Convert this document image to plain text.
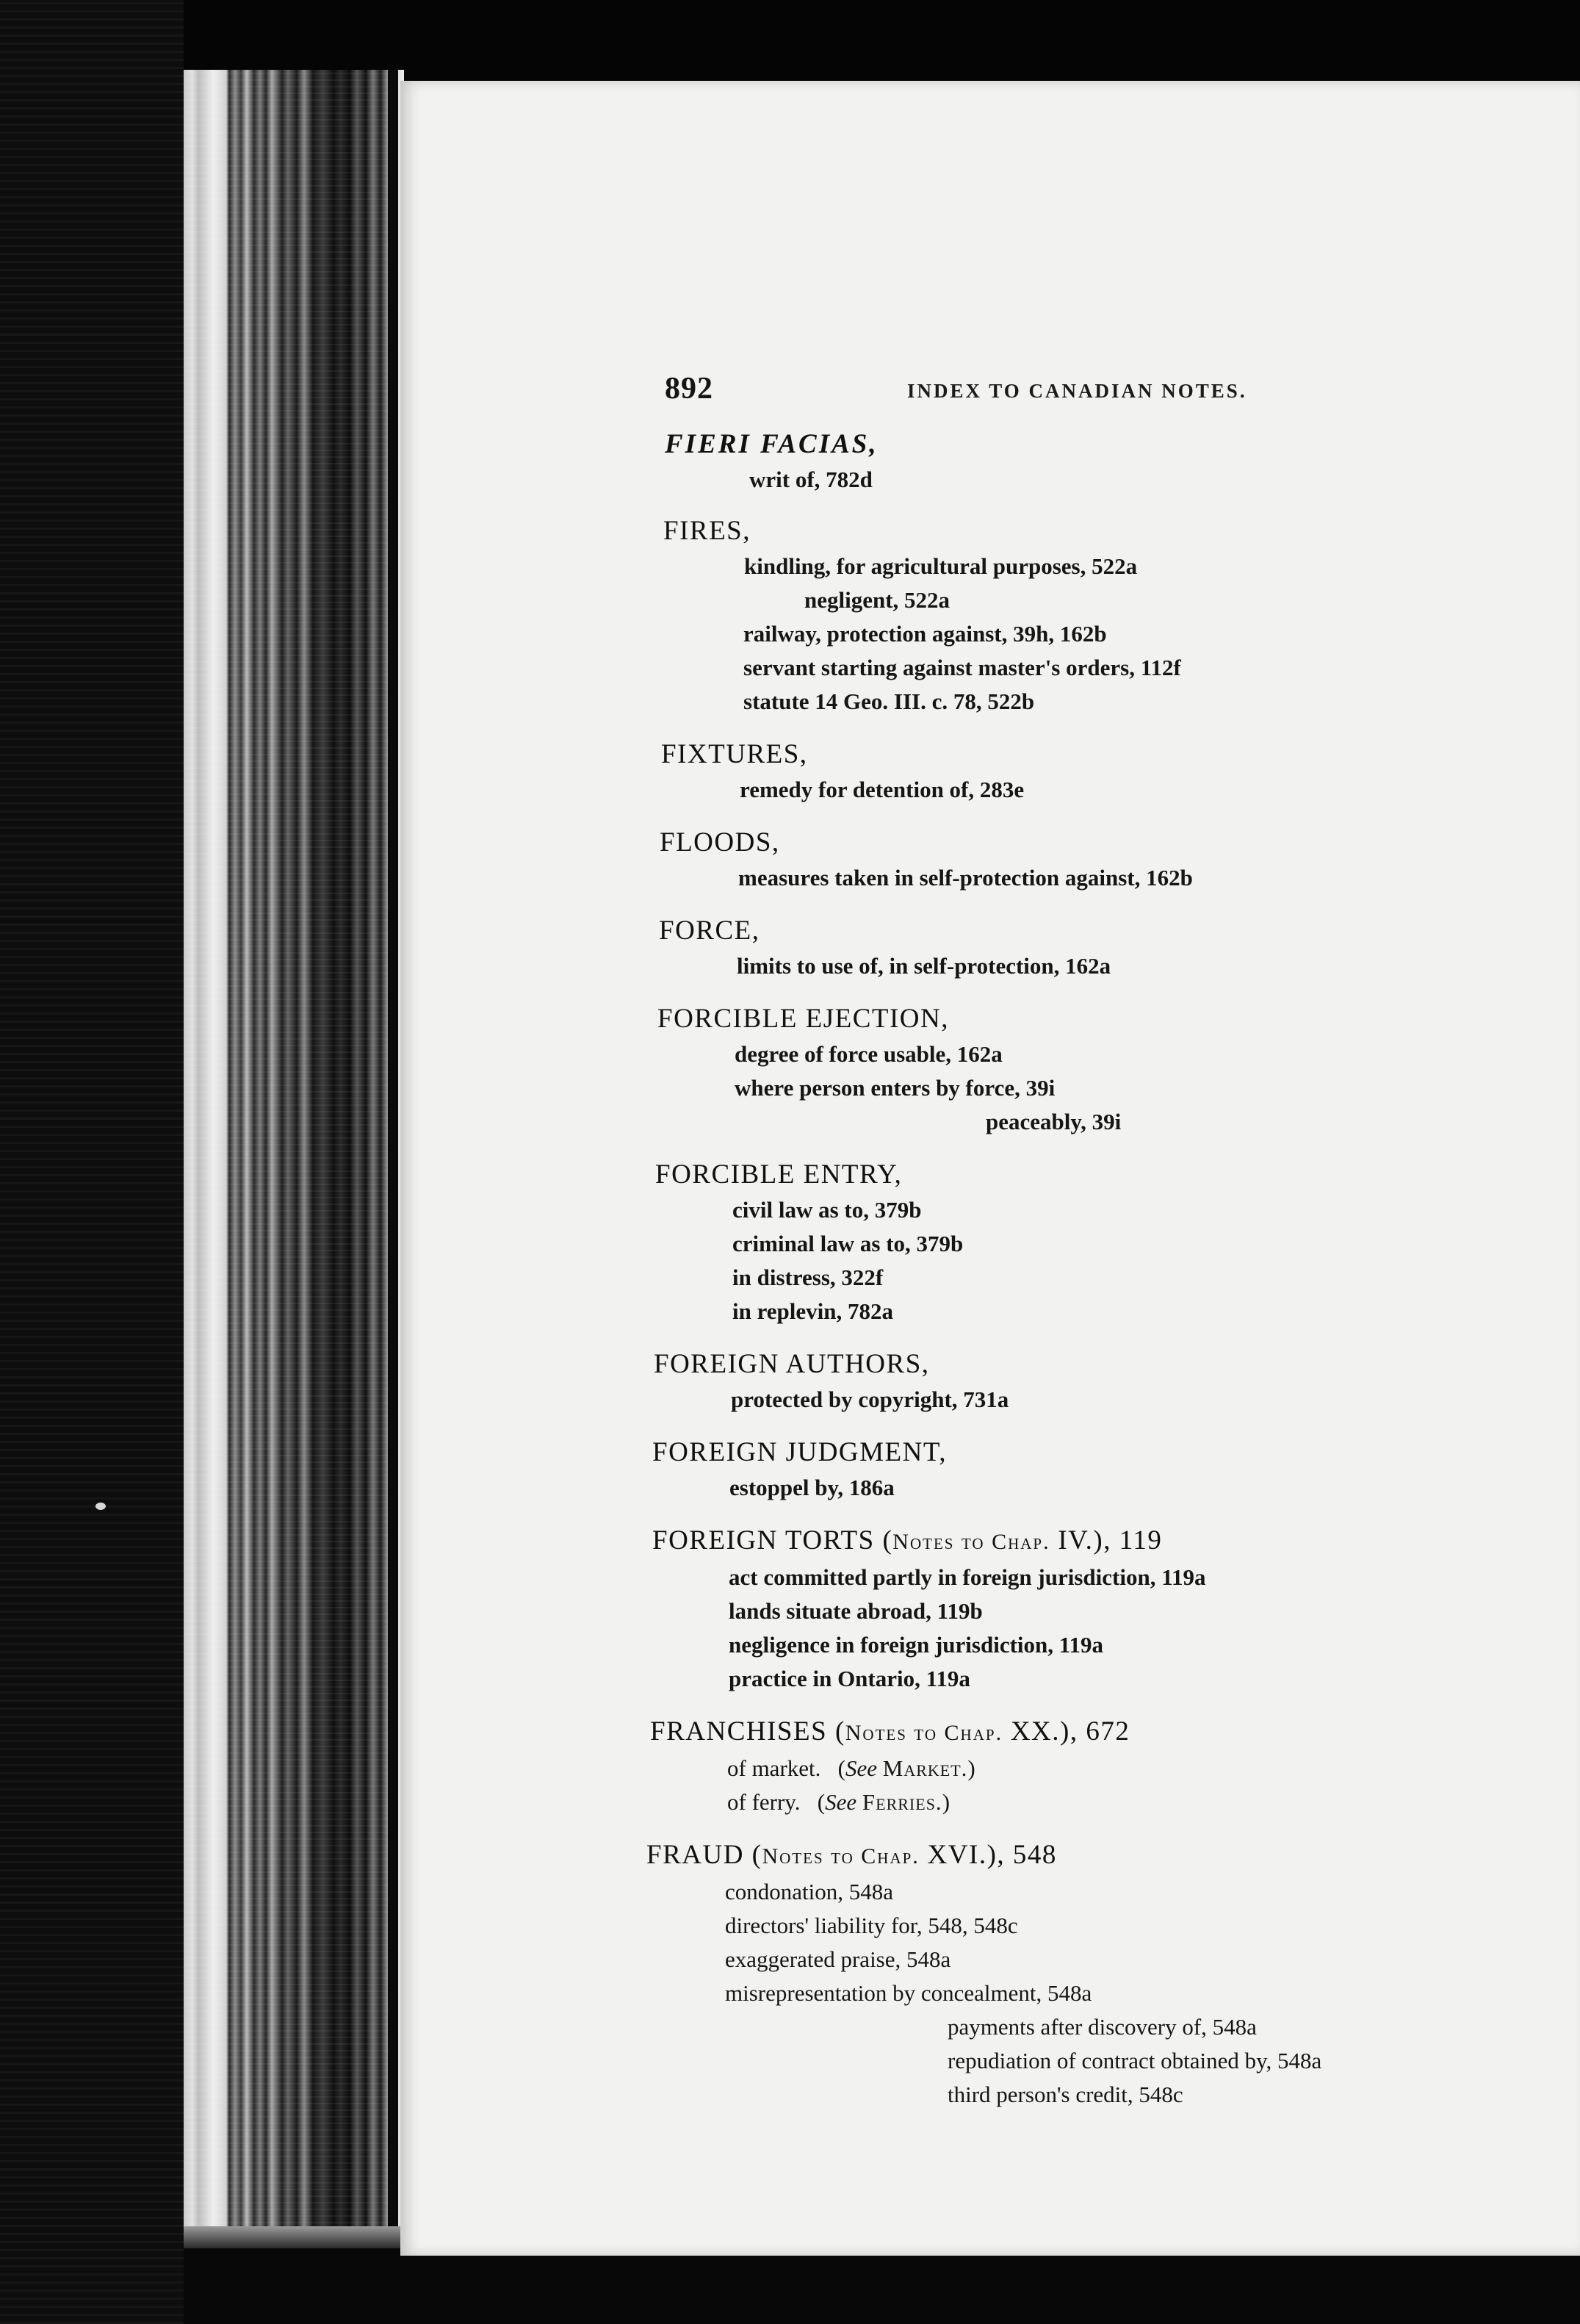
892	INDEX TO CANADIAN NOTES.
FIERI FACIAS,
writ of, 782d
FIRES,
kindling, for agricultural purposes, 522a
negligent, 522a
railway, protection against, 39h, 162b
servant starting against master's orders, 112f
statute 14 Geo. III. c. 78, 522b
FIXTURES,
remedy for detention of, 283e
FLOODS,
measures taken in self-protection against, 162b
FORCE,
limits to use of, in self-protection, 162a
FORCIBLE EJECTION,
degree of force usable, 162a
where person enters by force, 39i
peaceably, 39i
FORCIBLE ENTRY,
civil law as to, 379b
criminal law as to, 379b
in distress, 322f
in replevin, 782a
FOREIGN AUTHORS,
protected by copyright, 731a
FOREIGN JUDGMENT,
estoppel by, 186a
FOREIGN TORTS (Notes to Chap. IV.), 119
act committed partly in foreign jurisdiction, 119a
lands situate abroad, 119b
negligence in foreign jurisdiction, 119a
practice in Ontario, 119a
FRANCHISES (Notes to Chap. XX.), 672
of market.   (See Market.)
of ferry.   (See Ferries.)
FRAUD (Notes to Chap. XVI.), 548
condonation, 548a
directors' liability for, 548, 548c
exaggerated praise, 548a
misrepresentation by concealment, 548a
payments after discovery of, 548a
repudiation of contract obtained by, 548a
third person's credit, 548c
